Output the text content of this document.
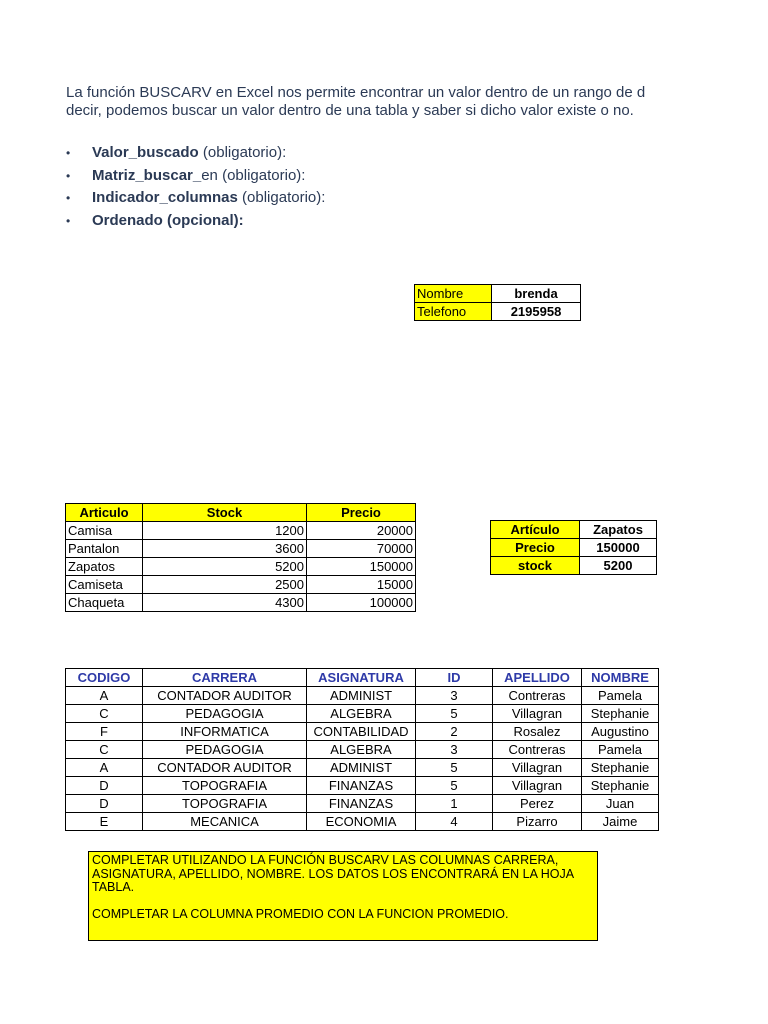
La función BUSCARV en Excel nos permite encontrar un valor dentro de un rango de d

decir, podemos buscar un valor dentro de una tabla y saber si dicho valor existe o no.

• Valor_buscado (obligatorio):
• Matriz_buscar_en (obligatorio):
• Indicador_columnas (obligatorio):
• Ordenado (opcional):
Nombre	brenda
Telefono	2195958
Articulo	Stock	Precio
Camisa	1200	20000
Pantalon	3600	70000
Zapatos	5200	150000
Camiseta	2500	15000
Chaqueta	4300	100000
Artículo	Zapatos
Precio	150000
stock	5200
CODIGO	CARRERA	ASIGNATURA	ID	APELLIDO	NOMBRE
A	CONTADOR AUDITOR	ADMINIST	3	Contreras	Pamela
C	PEDAGOGIA	ALGEBRA	5	Villagran	Stephanie
F	INFORMATICA	CONTABILIDAD	2	Rosalez	Augustino
C	PEDAGOGIA	ALGEBRA	3	Contreras	Pamela
A	CONTADOR AUDITOR	ADMINIST	5	Villagran	Stephanie
D	TOPOGRAFIA	FINANZAS	5	Villagran	Stephanie
D	TOPOGRAFIA	FINANZAS	1	Perez	Juan
E	MECANICA	ECONOMIA	4	Pizarro	Jaime

COMPLETAR UTILIZANDO LA FUNCIÓN BUSCARV LAS COLUMNAS CARRERA, ASIGNATURA, APELLIDO, NOMBRE. LOS DATOS LOS ENCONTRARÁ EN LA HOJA TABLA.

COMPLETAR LA COLUMNA PROMEDIO CON LA FUNCION PROMEDIO.
